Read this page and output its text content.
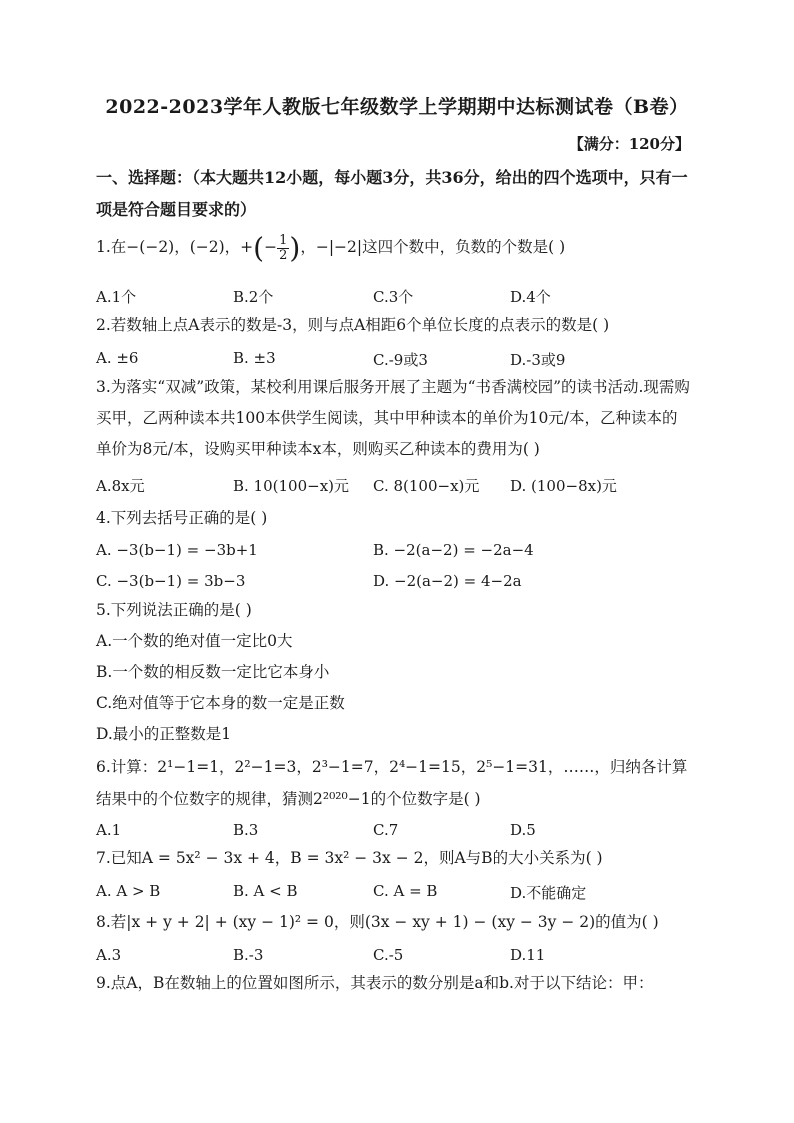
2022-2023学年人教版七年级数学上学期期中达标测试卷（B卷）
【满分：120分】
一、选择题：（本大题共12小题，每小题3分，共36分，给出的四个选项中，只有一项是符合题目要求的）
1.在−(−2)，(−2)，+(− $\frac{1}{2}$ )，−|−2|这四个数中，负数的个数是( )
A.1个	B.2个	C.3个	D.4个
2.若数轴上点A表示的数是-3，则与点A相距6个单位长度的点表示的数是( )
A. ±6	B. ±3	C.-9或3	D.-3或9
3.为落实“双减”政策，某校利用课后服务开展了主题为“书香满校园”的读书活动.现需购买甲，乙两种读本共100本供学生阅读，其中甲种读本的单价为10元/本，乙种读本的单价为8元/本，设购买甲种读本x本，则购买乙种读本的费用为( )
A.8x元	B. 10(100−x)元 C. 8(100−x)元 D. (100−8x)元
4.下列去括号正确的是( )
A. −3(b−1) = −3b+1	B. −2(a−2) = −2a−4
C. −3(b−1) = 3b−3	D. −2(a−2) = 4−2a
5.下列说法正确的是( )
A.一个数的绝对值一定比0大
B.一个数的相反数一定比它本身小
C.绝对值等于它本身的数一定是正数
D.最小的正整数是1
6.计算：2¹−1=1，2²−1=3，2³−1=7，2⁴−1=15，2⁵−1=31，……，归纳各计算
结果中的个位数字的规律，猜测2²⁰²⁰−1的个位数字是( )
A.1	B.3	C.7	D.5
7.已知A = 5x² − 3x + 4，B = 3x² − 3x − 2，则A与B的大小关系为( )
A. A > B	B. A < B	C. A = B	D.不能确定
8.若|x + y + 2| + (xy − 1)² = 0，则(3x − xy + 1) − (xy − 3y − 2)的值为( )
A.3	B.-3	C.-5	D.11
9.点A，B在数轴上的位置如图所示，其表示的数分别是a和b.对于以下结论：甲：
